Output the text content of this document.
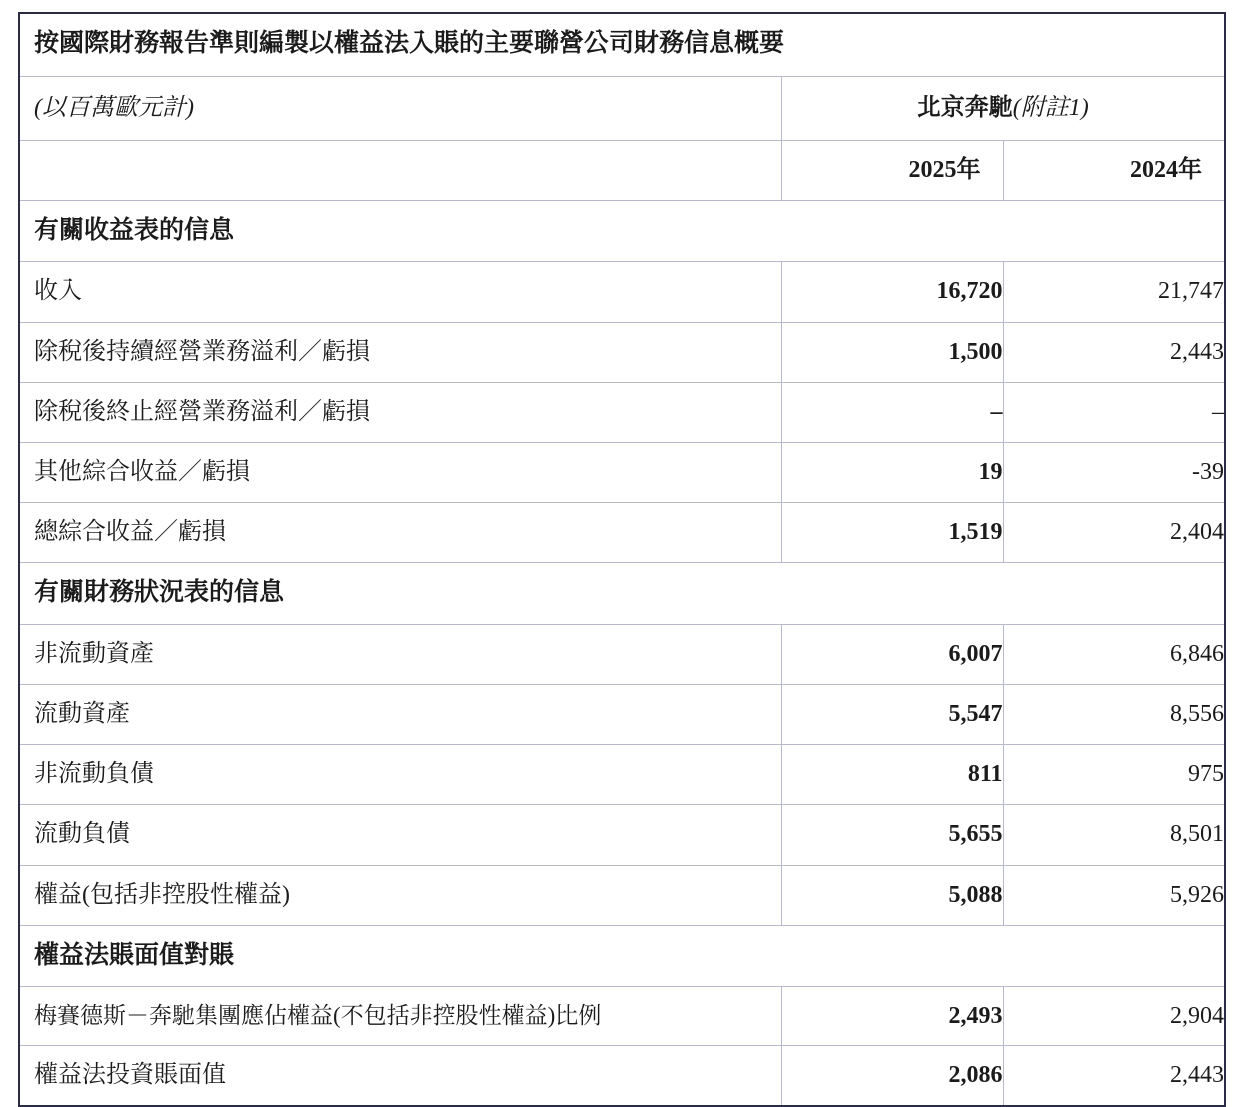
按國際財務報告準則編製以權益法入賬的主要聯營公司財務信息概要		

(以百萬歐元計)	北京奔馳(附註1)	

	2025年	2024年

有關收益表的信息		

收入	16,720	21,747

除稅後持續經營業務溢利／虧損	1,500	2,443

除稅後終止經營業務溢利／虧損	–	–

其他綜合收益／虧損	19	-39

總綜合收益／虧損	1,519	2,404

有關財務狀況表的信息		

非流動資產	6,007	6,846

流動資產	5,547	8,556

非流動負債	811	975

流動負債	5,655	8,501

權益(包括非控股性權益)	5,088	5,926

權益法賬面值對賬		

梅賽德斯－奔馳集團應佔權益(不包括非控股性權益)比例	2,493	2,904

權益法投資賬面值	2,086	2,443
